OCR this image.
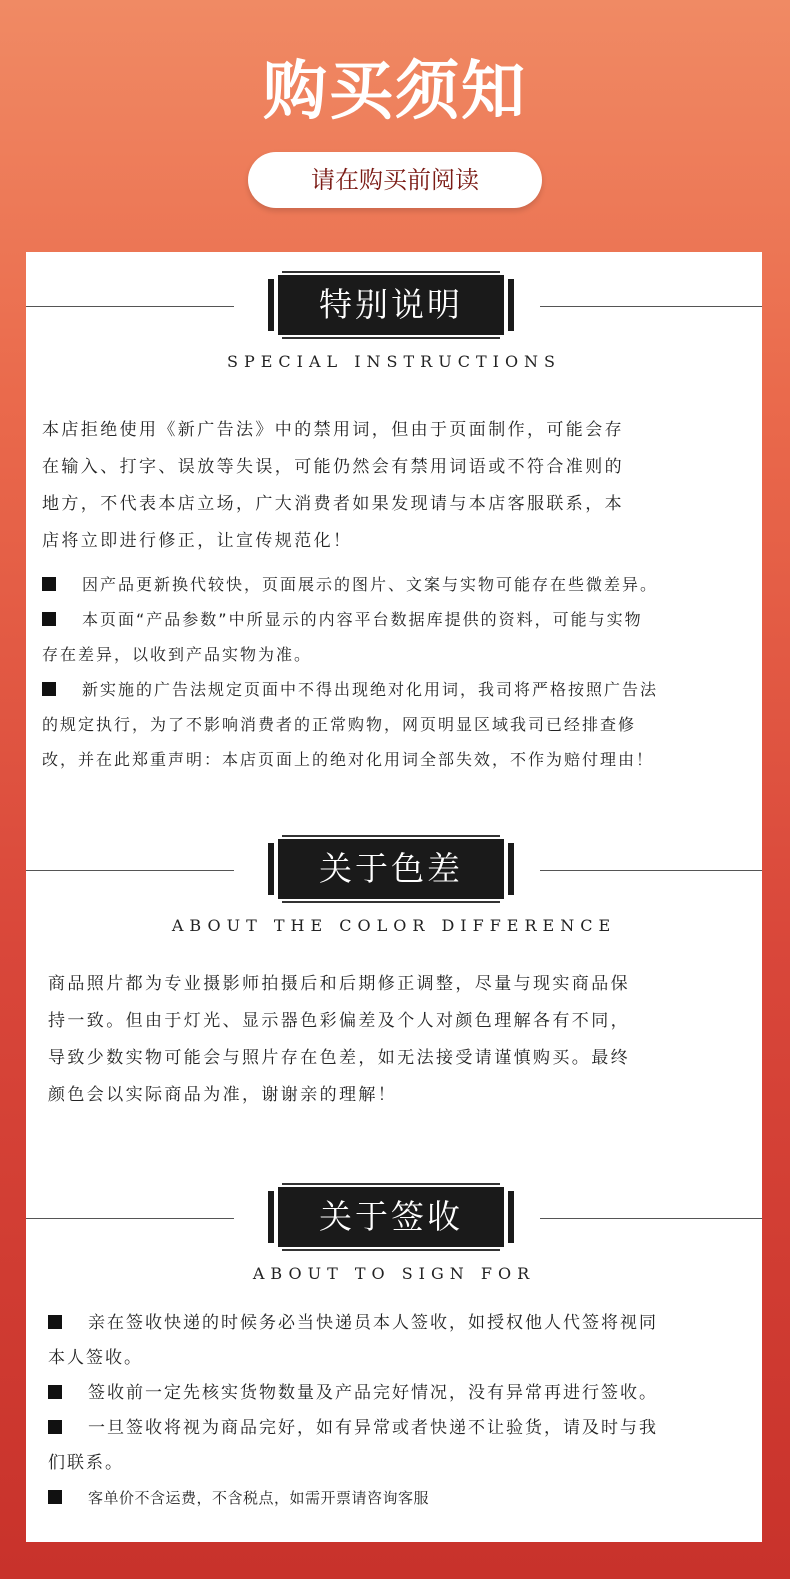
购买须知
请在购买前阅读
特别说明
SPECIAL INSTRUCTIONS
本店拒绝使用《新广告法》中的禁用词，但由于页面制作，可能会存
在输入、打字、误放等失误，可能仍然会有禁用词语或不符合准则的
地方，不代表本店立场，广大消费者如果发现请与本店客服联系，本
店将立即进行修正，让宣传规范化！
因产品更新换代较快，页面展示的图片、文案与实物可能存在些微差异。
本页面“产品参数”中所显示的内容平台数据库提供的资料，可能与实物
存在差异，以收到产品实物为准。
新实施的广告法规定页面中不得出现绝对化用词，我司将严格按照广告法
的规定执行，为了不影响消费者的正常购物，网页明显区域我司已经排查修
改，并在此郑重声明：本店页面上的绝对化用词全部失效，不作为赔付理由！
关于色差
ABOUT THE COLOR DIFFERENCE
商品照片都为专业摄影师拍摄后和后期修正调整，尽量与现实商品保
持一致。但由于灯光、显示器色彩偏差及个人对颜色理解各有不同，
导致少数实物可能会与照片存在色差，如无法接受请谨慎购买。最终
颜色会以实际商品为准，谢谢亲的理解！
关于签收
ABOUT TO SIGN FOR
亲在签收快递的时候务必当快递员本人签收，如授权他人代签将视同
本人签收。
签收前一定先核实货物数量及产品完好情况，没有异常再进行签收。
一旦签收将视为商品完好，如有异常或者快递不让验货，请及时与我
们联系。
客单价不含运费，不含税点，如需开票请咨询客服
